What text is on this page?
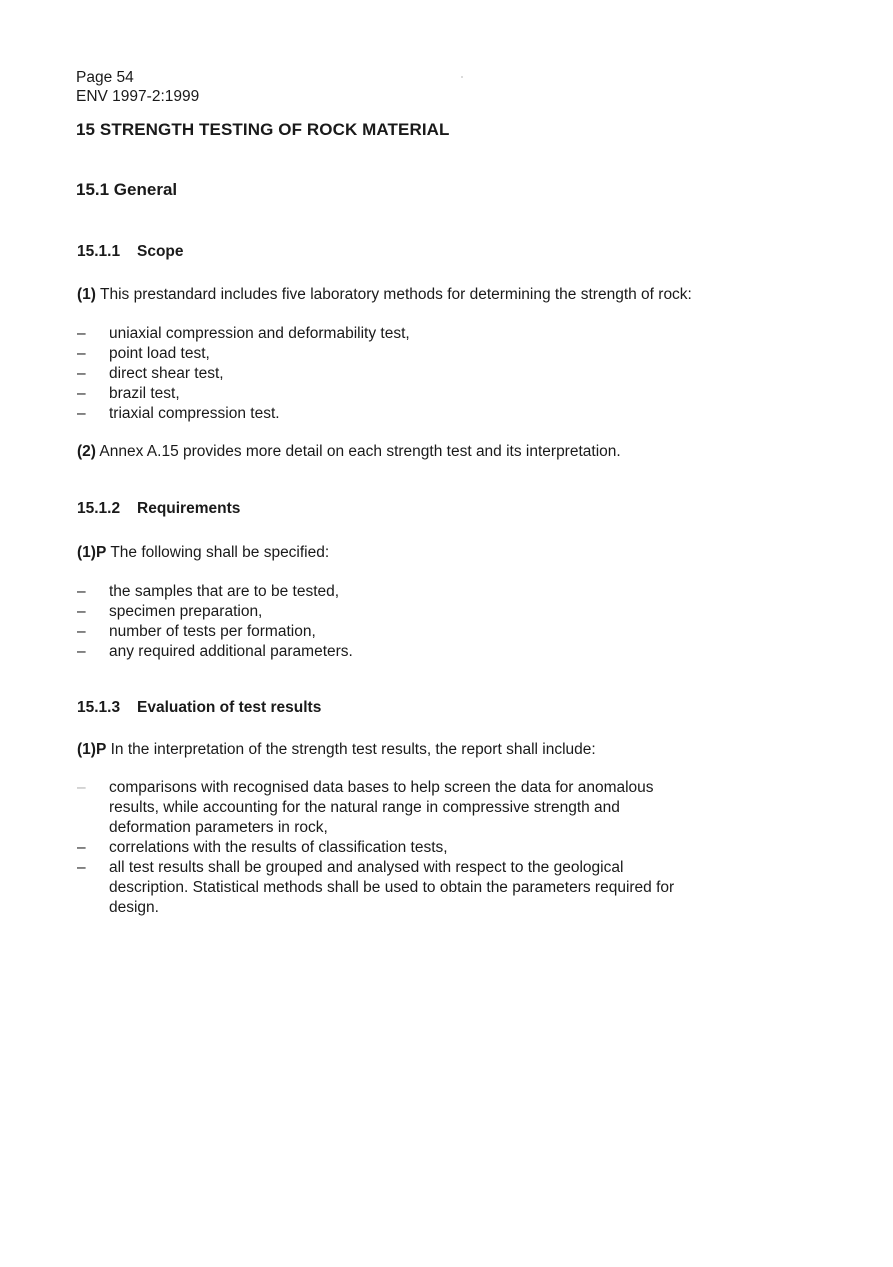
Page 54
ENV 1997-2:1999
15 STRENGTH TESTING OF ROCK MATERIAL
15.1 General
15.1.1 Scope
(1) This prestandard includes five laboratory methods for determining the strength of rock:
–	uniaxial compression and deformability test,
–	point load test,
–	direct shear test,
–	brazil test,
–	triaxial compression test.
(2) Annex A.15 provides more detail on each strength test and its interpretation.
15.1.2 Requirements
(1)P The following shall be specified:
–	the samples that are to be tested,
–	specimen preparation,
–	number of tests per formation,
–	any required additional parameters.
15.1.3 Evaluation of test results
(1)P In the interpretation of the strength test results, the report shall include:
–	comparisons with recognised data bases to help screen the data for anomalous
results, while accounting for the natural range in compressive strength and
deformation parameters in rock,
–	correlations with the results of classification tests,
–	all test results shall be grouped and analysed with respect to the geological
description. Statistical methods shall be used to obtain the parameters required for
design.
